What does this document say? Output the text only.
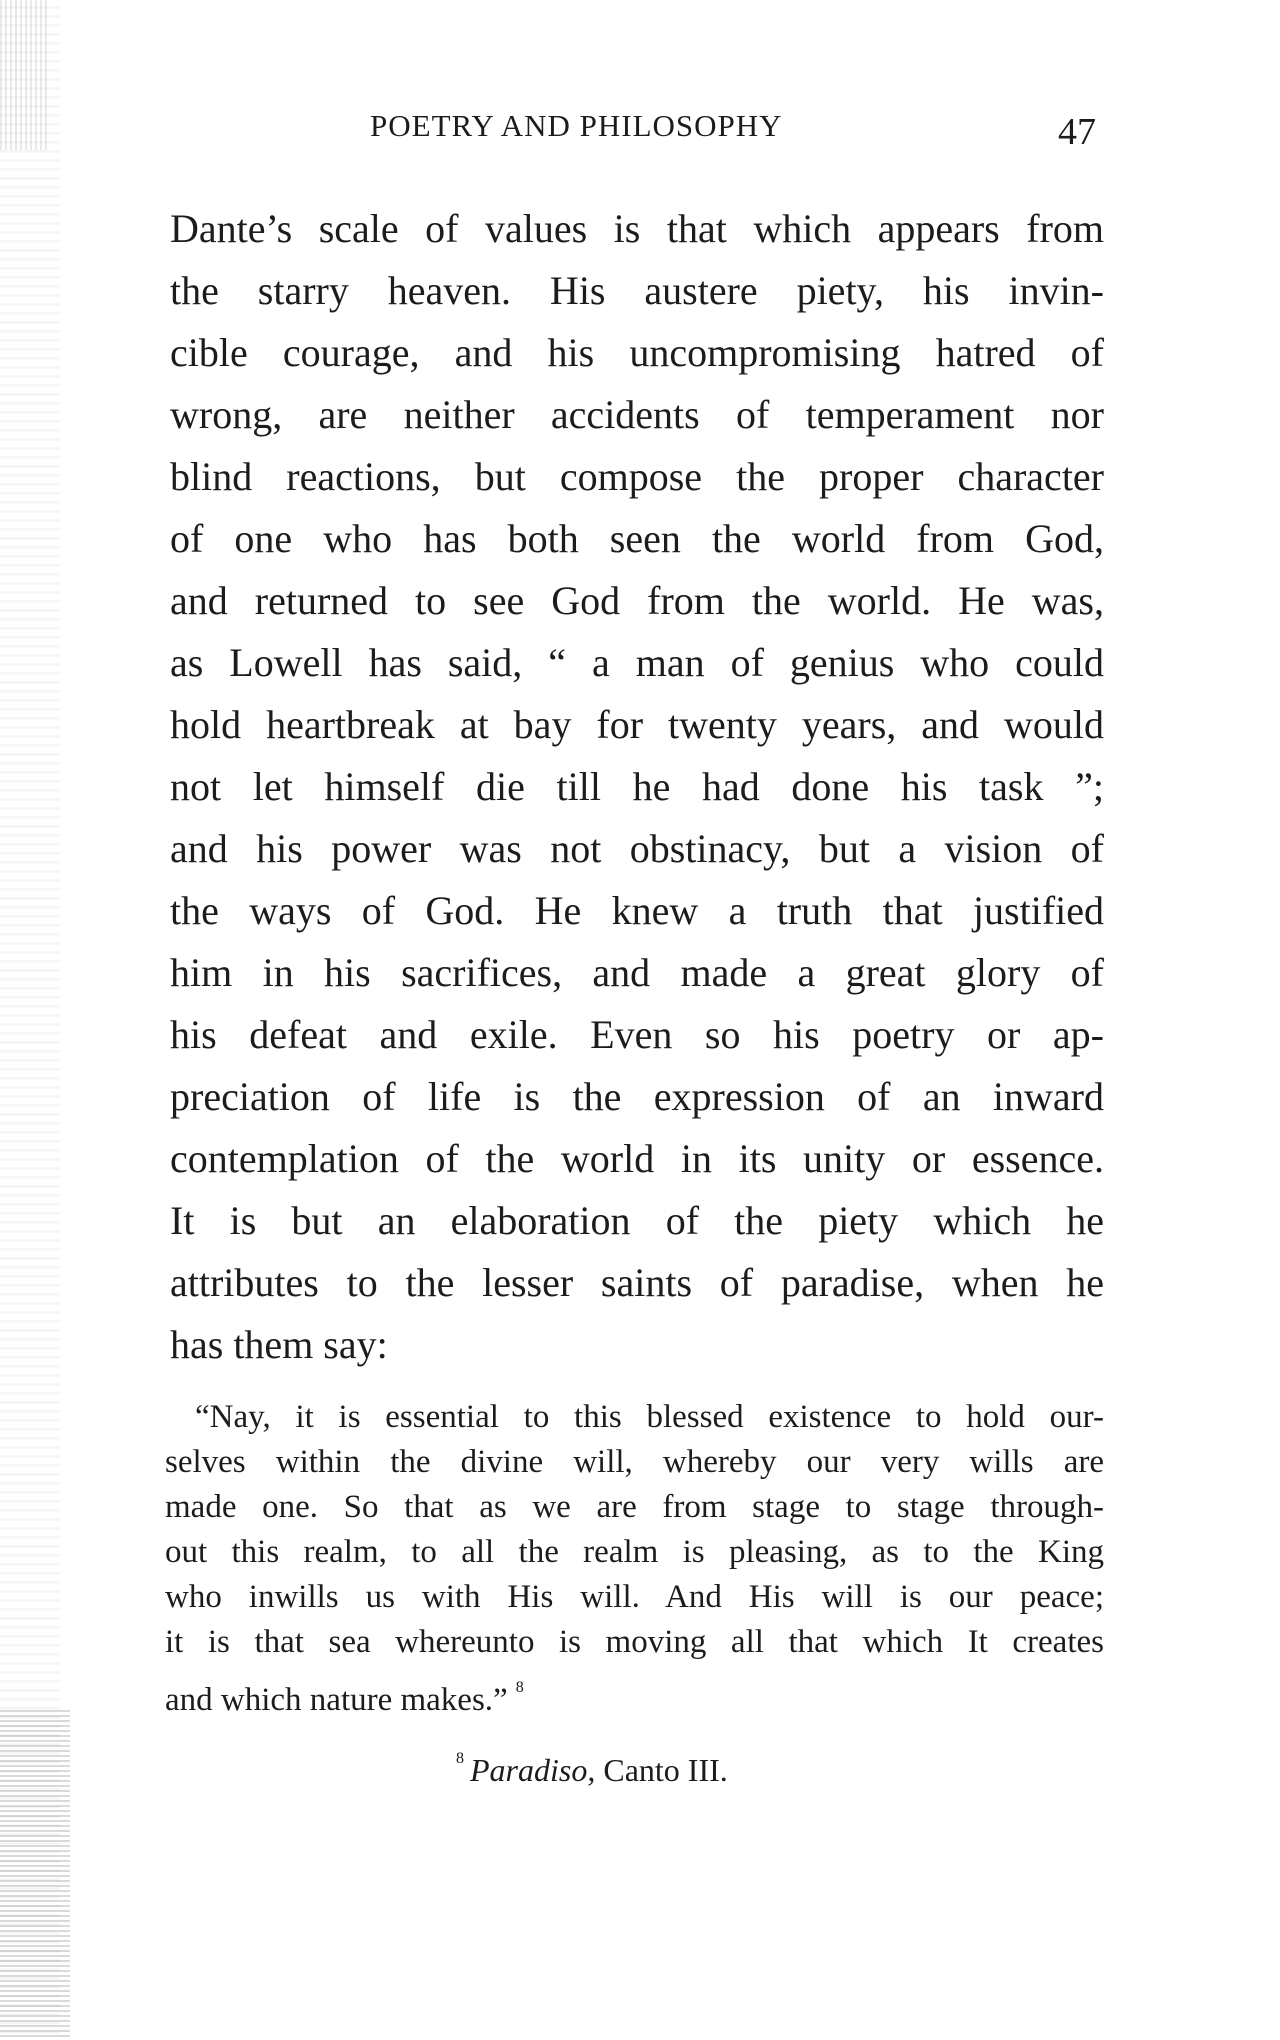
POETRY AND PHILOSOPHY	47
Dante’s scale of values is that which appears from
the starry heaven. His austere piety, his invin-
cible courage, and his uncompromising hatred of
wrong, are neither accidents of temperament nor
blind reactions, but compose the proper character
of one who has both seen the world from God,
and returned to see God from the world. He was,
as Lowell has said, “ a man of genius who could
hold heartbreak at bay for twenty years, and would
not let himself die till he had done his task ”;
and his power was not obstinacy, but a vision of
the ways of God. He knew a truth that justified
him in his sacrifices, and made a great glory of
his defeat and exile. Even so his poetry or ap-
preciation of life is the expression of an inward
contemplation of the world in its unity or essence.
It is but an elaboration of the piety which he
attributes to the lesser saints of paradise, when he
has them say:
“Nay, it is essential to this blessed existence to hold our-
selves within the divine will, whereby our very wills are
made one. So that as we are from stage to stage through-
out this realm, to all the realm is pleasing, as to the King
who inwills us with His will. And His will is our peace;
it is that sea whereunto is moving all that which It creates
and which nature makes.” $^8$
$^8$ Paradiso, Canto III.
